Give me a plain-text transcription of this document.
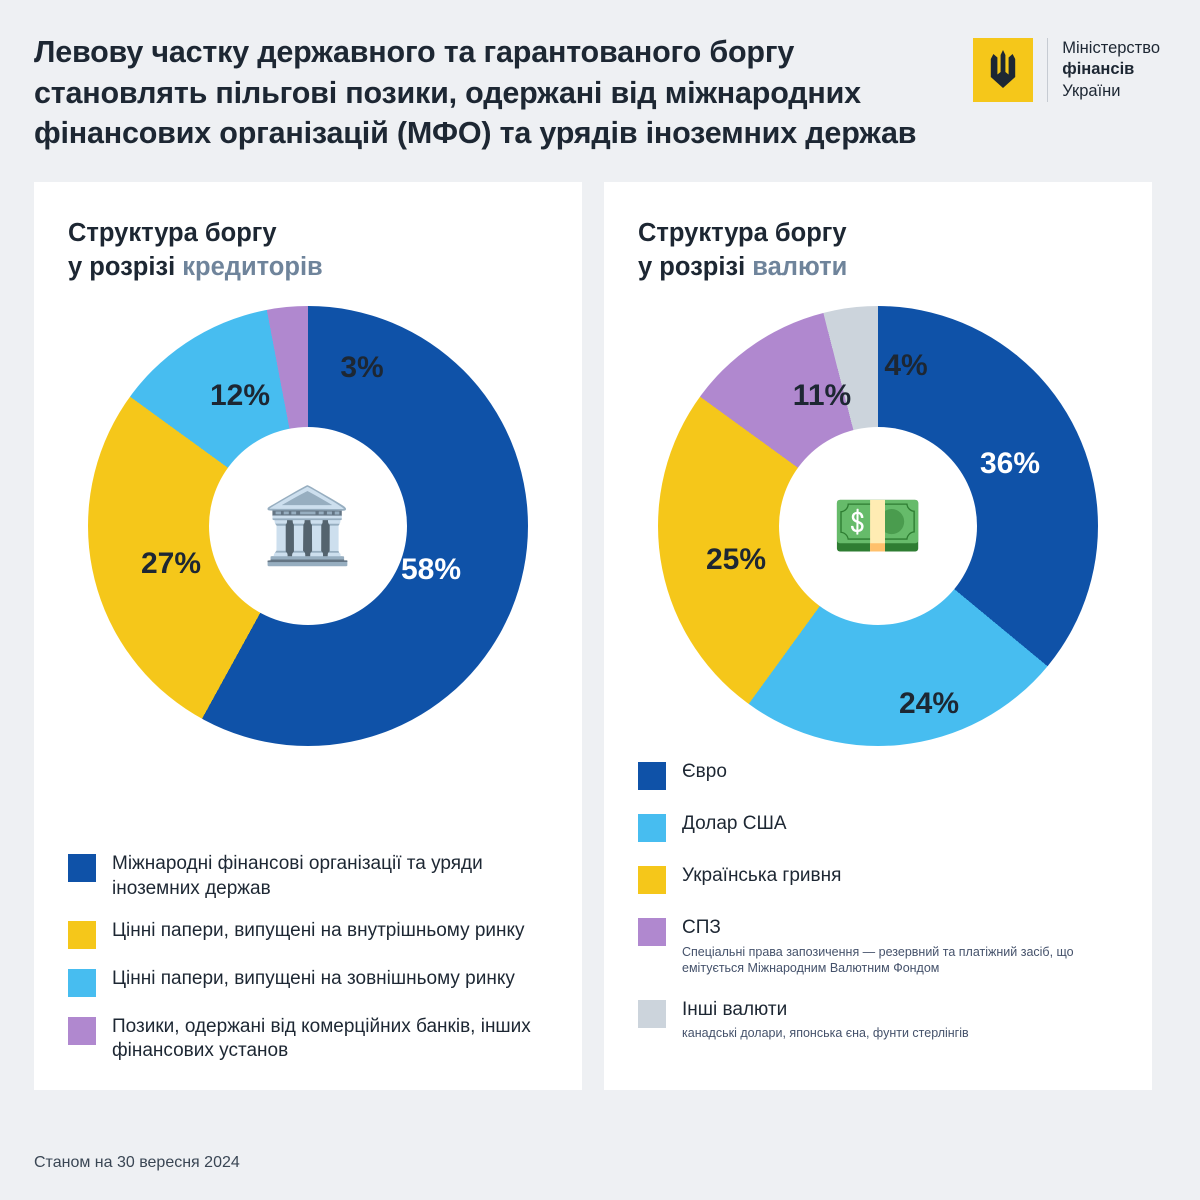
Левову частку державного та гарантованого боргу становлять пільгові позики, одержані від міжнародних фінансових організацій (МФО) та урядів іноземних держав
Міністерство
фінансів
України
Структура боргу
у розрізі кредиторів
🏛️
58%
27%
12%
3%
Міжнародні фінансові організації та уряди іноземних держав
Цінні папери, випущені на внутрішньому ринку
Цінні папери, випущені на зовнішньому ринку
Позики, одержані від комерційних банків, інших фінансових установ
Структура боргу
у розрізі валюти
💵
36%
24%
25%
11%
4%
Євро
Долар США
Українська гривня
СПЗ
Спеціальні права запозичення — резервний та платіжний засіб, що емітується Міжнародним Валютним Фондом
Інші валюти
канадські долари, японська єна, фунти стерлінгів
Станом на 30 вересня 2024
